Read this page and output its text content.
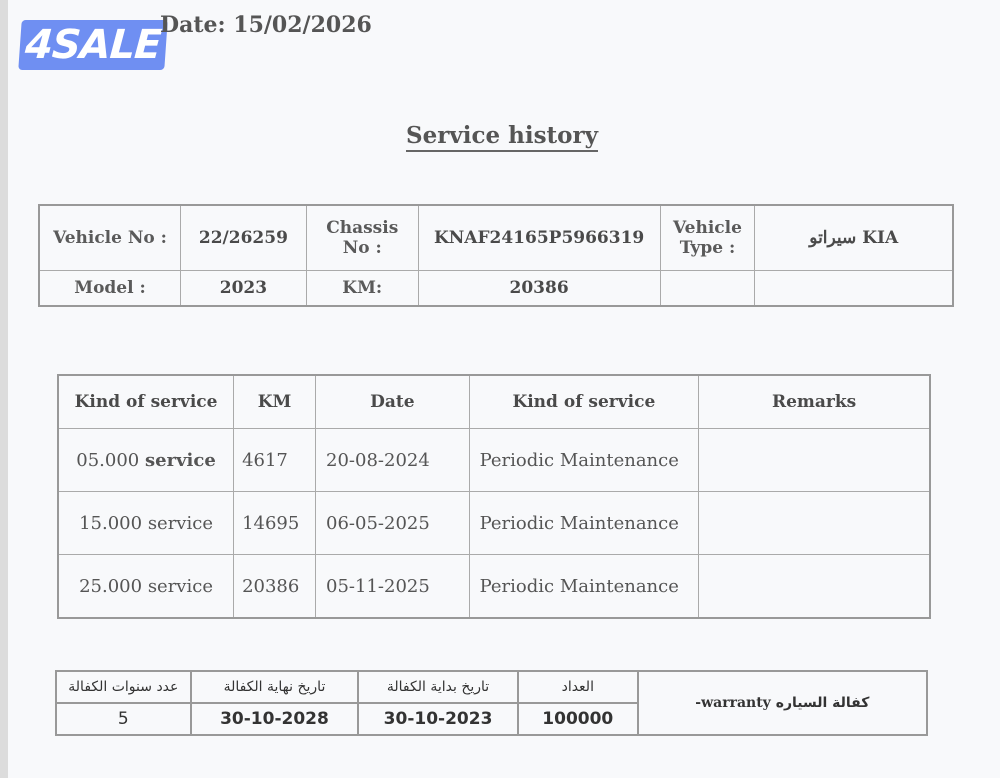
4SALE
Date: 15/02/2026
Service history
Vehicle No :	22/26259	Chassis No :	KNAF24165P5966319	Vehicle Type :	سيراتو KIA
Model :	2023	KM:	20386		
Kind of service	KM	Date	Kind of service	Remarks
05.000 service	4617	20-08-2024	Periodic Maintenance	
15.000 service	14695	06-05-2025	Periodic Maintenance	
25.000 service	20386	05-11-2025	Periodic Maintenance	
عدد سنوات الكفالة	تاريخ نهاية الكفالة	تاريخ بداية الكفالة	العداد	كفالة السياره warranty-
5	30-10-2028	30-10-2023	100000	
